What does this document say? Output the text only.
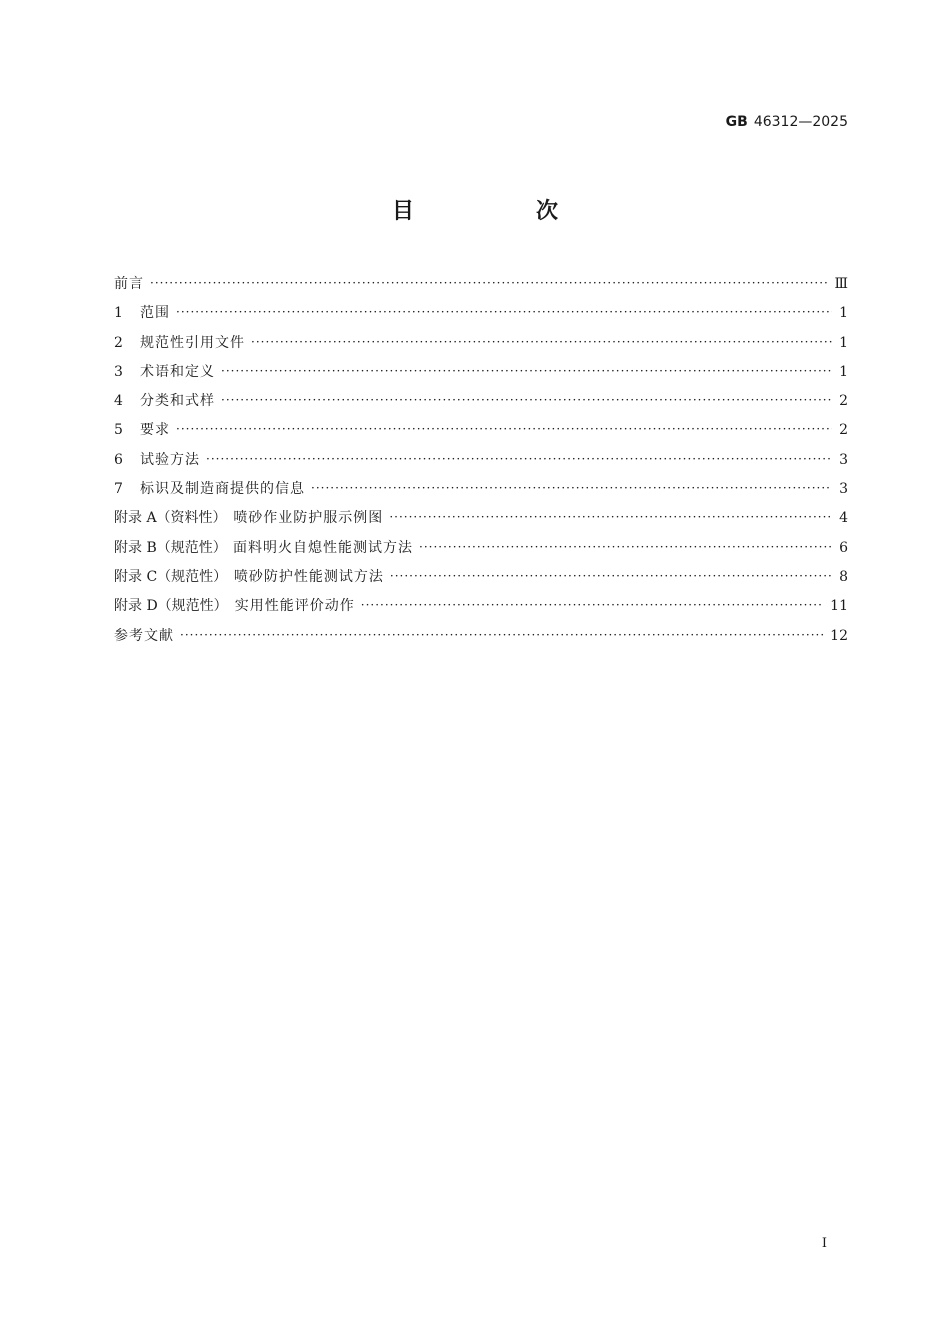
GB 46312—2025
目　次
前言 ·····	Ⅲ
1	范围 ·····	1
2	规范性引用文件 ·····	1
3	术语和定义 ·····	1
4	分类和式样 ·····	2
5	要求 ·····	2
6	试验方法 ·····	3
7	标识及制造商提供的信息 ·····	3
附录 A（资料性） 喷砂作业防护服示例图 ·····	4
附录 B（规范性） 面料明火自熄性能测试方法 ·····	6
附录 C（规范性） 喷砂防护性能测试方法 ·····	8
附录 D（规范性） 实用性能评价动作 ·····	11
参考文献 ·····	12
Ⅰ
